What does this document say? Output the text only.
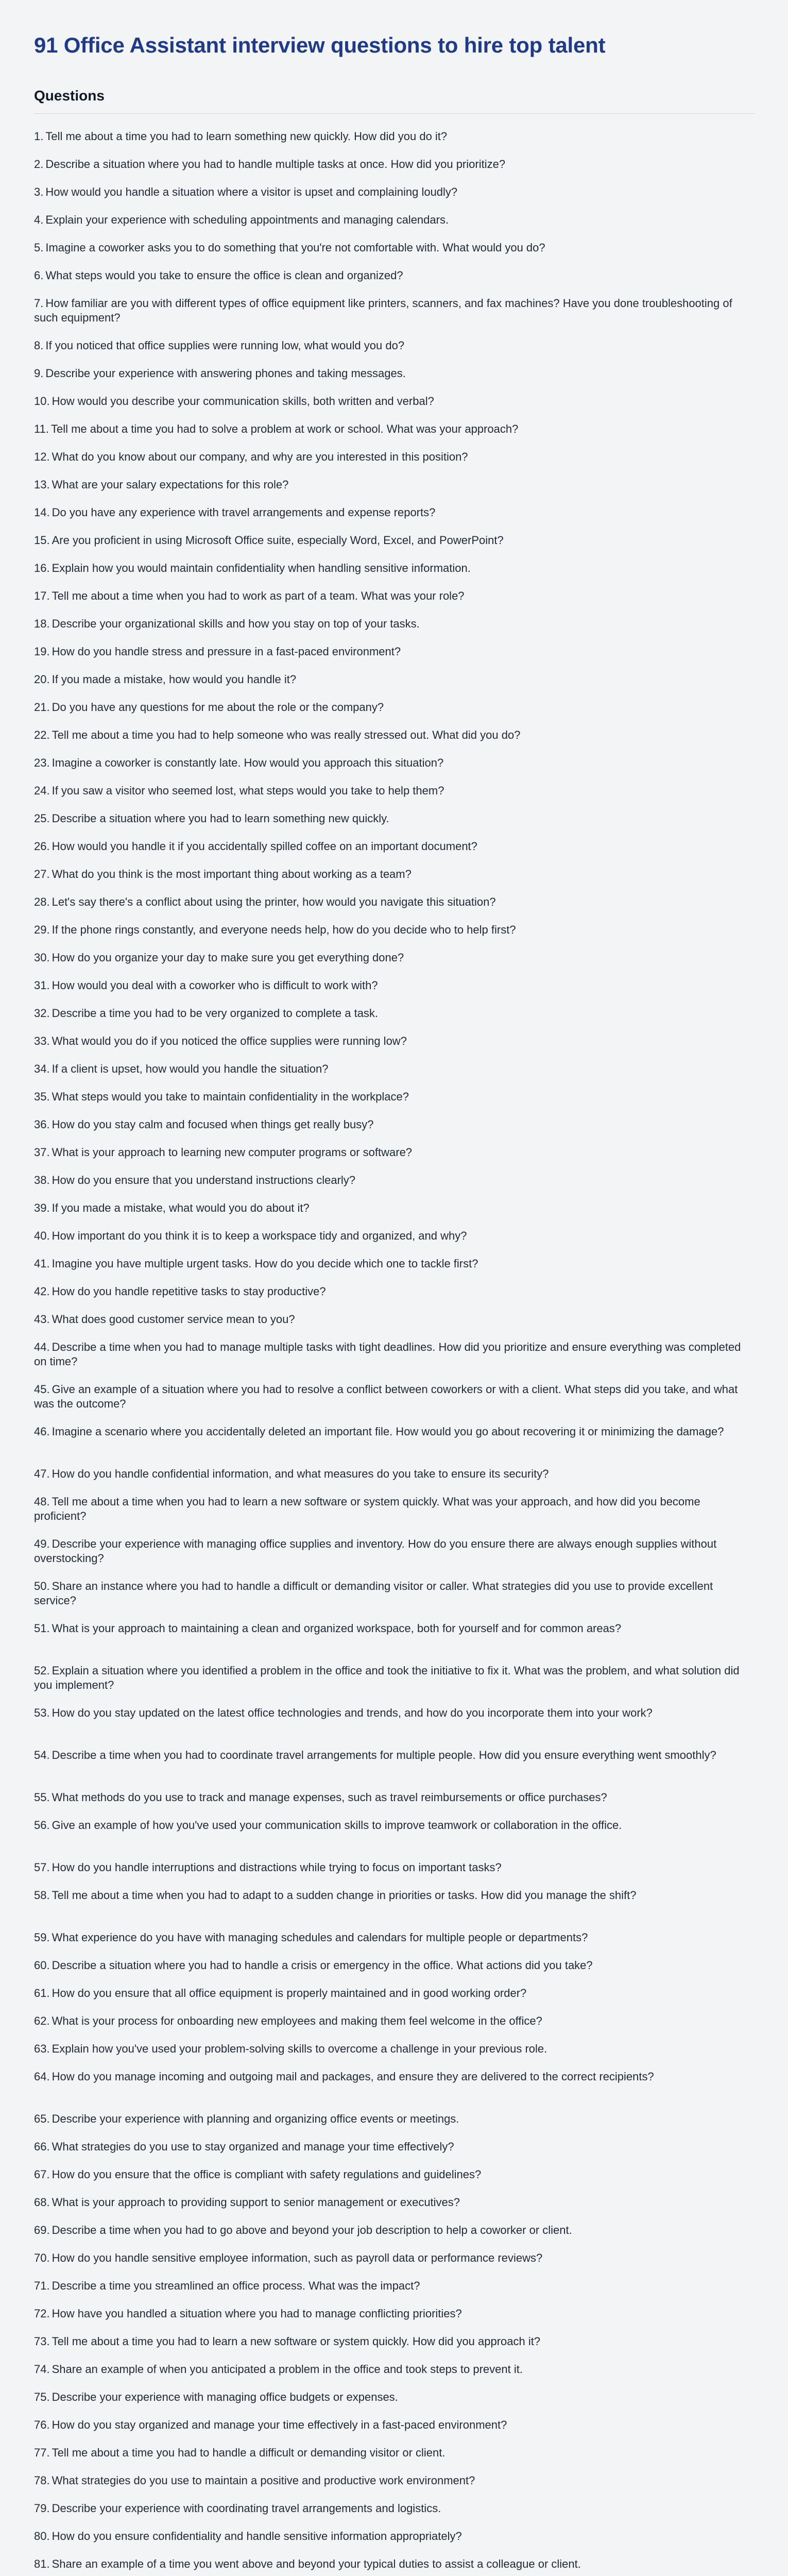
91 Office Assistant interview questions to hire top talent
Questions
1. Tell me about a time you had to learn something new quickly. How did you do it?
2. Describe a situation where you had to handle multiple tasks at once. How did you prioritize?
3. How would you handle a situation where a visitor is upset and complaining loudly?
4. Explain your experience with scheduling appointments and managing calendars.
5. Imagine a coworker asks you to do something that you're not comfortable with. What would you do?
6. What steps would you take to ensure the office is clean and organized?
7. How familiar are you with different types of office equipment like printers, scanners, and fax machines? Have you done troubleshooting of such equipment?
8. If you noticed that office supplies were running low, what would you do?
9. Describe your experience with answering phones and taking messages.
10. How would you describe your communication skills, both written and verbal?
11. Tell me about a time you had to solve a problem at work or school. What was your approach?
12. What do you know about our company, and why are you interested in this position?
13. What are your salary expectations for this role?
14. Do you have any experience with travel arrangements and expense reports?
15. Are you proficient in using Microsoft Office suite, especially Word, Excel, and PowerPoint?
16. Explain how you would maintain confidentiality when handling sensitive information.
17. Tell me about a time when you had to work as part of a team. What was your role?
18. Describe your organizational skills and how you stay on top of your tasks.
19. How do you handle stress and pressure in a fast-paced environment?
20. If you made a mistake, how would you handle it?
21. Do you have any questions for me about the role or the company?
22. Tell me about a time you had to help someone who was really stressed out. What did you do?
23. Imagine a coworker is constantly late. How would you approach this situation?
24. If you saw a visitor who seemed lost, what steps would you take to help them?
25. Describe a situation where you had to learn something new quickly.
26. How would you handle it if you accidentally spilled coffee on an important document?
27. What do you think is the most important thing about working as a team?
28. Let's say there's a conflict about using the printer, how would you navigate this situation?
29. If the phone rings constantly, and everyone needs help, how do you decide who to help first?
30. How do you organize your day to make sure you get everything done?
31. How would you deal with a coworker who is difficult to work with?
32. Describe a time you had to be very organized to complete a task.
33. What would you do if you noticed the office supplies were running low?
34. If a client is upset, how would you handle the situation?
35. What steps would you take to maintain confidentiality in the workplace?
36. How do you stay calm and focused when things get really busy?
37. What is your approach to learning new computer programs or software?
38. How do you ensure that you understand instructions clearly?
39. If you made a mistake, what would you do about it?
40. How important do you think it is to keep a workspace tidy and organized, and why?
41. Imagine you have multiple urgent tasks. How do you decide which one to tackle first?
42. How do you handle repetitive tasks to stay productive?
43. What does good customer service mean to you?
44. Describe a time when you had to manage multiple tasks with tight deadlines. How did you prioritize and ensure everything was completed on time?
45. Give an example of a situation where you had to resolve a conflict between coworkers or with a client. What steps did you take, and what was the outcome?
46. Imagine a scenario where you accidentally deleted an important file. How would you go about recovering it or minimizing the damage?
47. How do you handle confidential information, and what measures do you take to ensure its security?
48. Tell me about a time when you had to learn a new software or system quickly. What was your approach, and how did you become proficient?
49. Describe your experience with managing office supplies and inventory. How do you ensure there are always enough supplies without overstocking?
50. Share an instance where you had to handle a difficult or demanding visitor or caller. What strategies did you use to provide excellent service?
51. What is your approach to maintaining a clean and organized workspace, both for yourself and for common areas?
52. Explain a situation where you identified a problem in the office and took the initiative to fix it. What was the problem, and what solution did you implement?
53. How do you stay updated on the latest office technologies and trends, and how do you incorporate them into your work?
54. Describe a time when you had to coordinate travel arrangements for multiple people. How did you ensure everything went smoothly?
55. What methods do you use to track and manage expenses, such as travel reimbursements or office purchases?
56. Give an example of how you've used your communication skills to improve teamwork or collaboration in the office.
57. How do you handle interruptions and distractions while trying to focus on important tasks?
58. Tell me about a time when you had to adapt to a sudden change in priorities or tasks. How did you manage the shift?
59. What experience do you have with managing schedules and calendars for multiple people or departments?
60. Describe a situation where you had to handle a crisis or emergency in the office. What actions did you take?
61. How do you ensure that all office equipment is properly maintained and in good working order?
62. What is your process for onboarding new employees and making them feel welcome in the office?
63. Explain how you've used your problem-solving skills to overcome a challenge in your previous role.
64. How do you manage incoming and outgoing mail and packages, and ensure they are delivered to the correct recipients?
65. Describe your experience with planning and organizing office events or meetings.
66. What strategies do you use to stay organized and manage your time effectively?
67. How do you ensure that the office is compliant with safety regulations and guidelines?
68. What is your approach to providing support to senior management or executives?
69. Describe a time when you had to go above and beyond your job description to help a coworker or client.
70. How do you handle sensitive employee information, such as payroll data or performance reviews?
71. Describe a time you streamlined an office process. What was the impact?
72. How have you handled a situation where you had to manage conflicting priorities?
73. Tell me about a time you had to learn a new software or system quickly. How did you approach it?
74. Share an example of when you anticipated a problem in the office and took steps to prevent it.
75. Describe your experience with managing office budgets or expenses.
76. How do you stay organized and manage your time effectively in a fast-paced environment?
77. Tell me about a time you had to handle a difficult or demanding visitor or client.
78. What strategies do you use to maintain a positive and productive work environment?
79. Describe your experience with coordinating travel arrangements and logistics.
80. How do you ensure confidentiality and handle sensitive information appropriately?
81. Share an example of a time you went above and beyond your typical duties to assist a colleague or client.
